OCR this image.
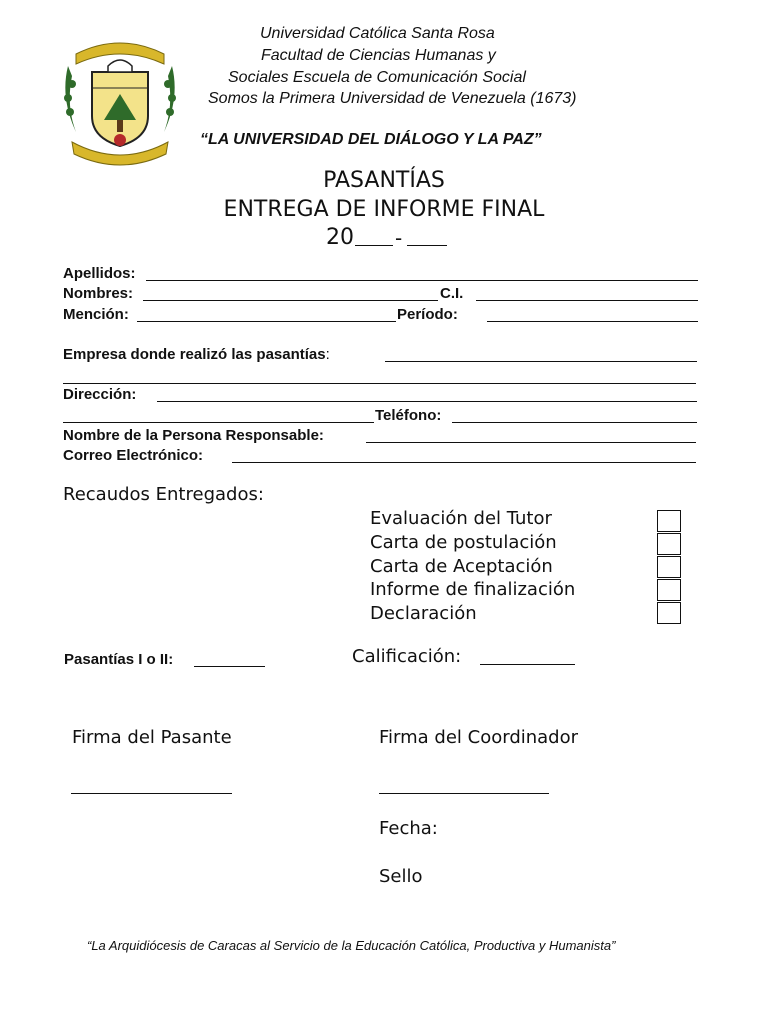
Universidad Católica Santa Rosa
Facultad de Ciencias Humanas y
Sociales Escuela de Comunicación Social
Somos la Primera Universidad de Venezuela (1673)
“LA UNIVERSIDAD DEL DIÁLOGO Y LA PAZ”
PASANTÍAS
ENTREGA DE INFORME FINAL
20 -
Apellidos:
Nombres:	C.I.
Mención:	Período:
Empresa donde realizó las pasantías:
Dirección:
Teléfono:
Nombre de la Persona Responsable:
Correo Electrónico:
Recaudos Entregados:
Evaluación del Tutor
Carta de postulación
Carta de Aceptación
Informe de finalización
Declaración
Pasantías I o II:	Calificación:
Firma del Pasante	Firma del Coordinador
Fecha:
Sello
“La Arquidiócesis de Caracas al Servicio de la Educación Católica, Productiva y Humanista”
